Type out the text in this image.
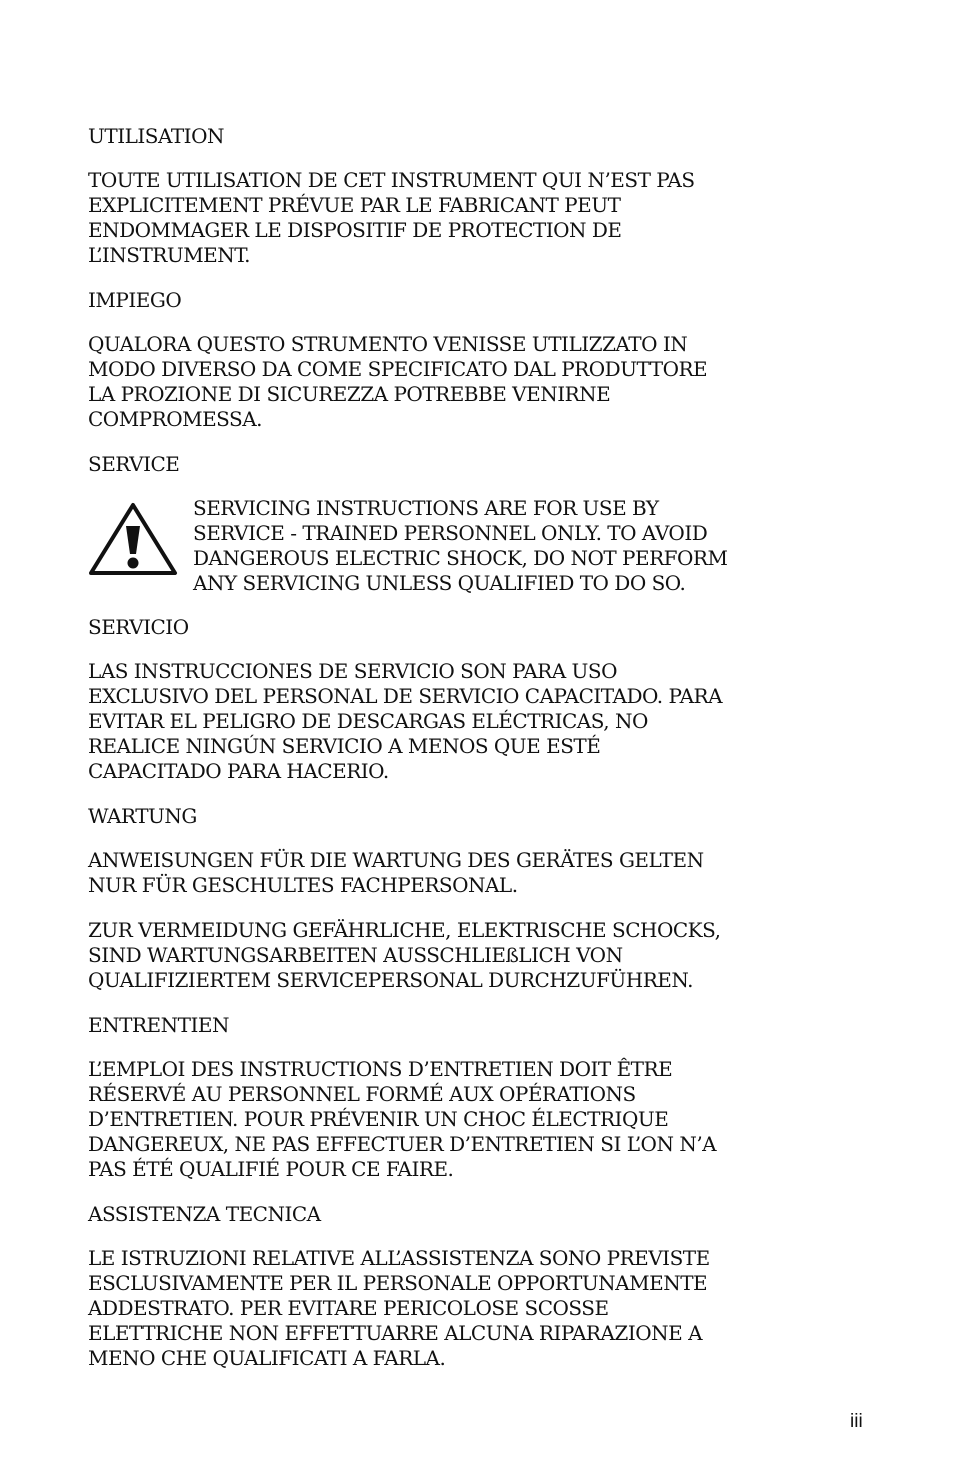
UTILISATION

TOUTE UTILISATION DE CET INSTRUMENT QUI N’EST PAS
EXPLICITEMENT PRÉVUE PAR LE FABRICANT PEUT
ENDOMMAGER LE DISPOSITIF DE PROTECTION DE
L’INSTRUMENT.

IMPIEGO

QUALORA QUESTO STRUMENTO VENISSE UTILIZZATO IN
MODO DIVERSO DA COME SPECIFICATO DAL PRODUTTORE
LA PROZIONE DI SICUREZZA POTREBBE VENIRNE
COMPROMESSA.

SERVICE

SERVICING INSTRUCTIONS ARE FOR USE BY
SERVICE - TRAINED PERSONNEL ONLY. TO AVOID
DANGEROUS ELECTRIC SHOCK, DO NOT PERFORM
ANY SERVICING UNLESS QUALIFIED TO DO SO.

SERVICIO

LAS INSTRUCCIONES DE SERVICIO SON PARA USO
EXCLUSIVO DEL PERSONAL DE SERVICIO CAPACITADO. PARA
EVITAR EL PELIGRO DE DESCARGAS ELÉCTRICAS, NO
REALICE NINGÚN SERVICIO A MENOS QUE ESTÉ
CAPACITADO PARA HACERIO.

WARTUNG

ANWEISUNGEN FÜR DIE WARTUNG DES GERÄTES GELTEN
NUR FÜR GESCHULTES FACHPERSONAL.

ZUR VERMEIDUNG GEFÄHRLICHE, ELEKTRISCHE SCHOCKS,
SIND WARTUNGSARBEITEN AUSSCHLIEßLICH VON
QUALIFIZIERTEM SERVICEPERSONAL DURCHZUFÜHREN.

ENTRENTIEN

L’EMPLOI DES INSTRUCTIONS D’ENTRETIEN DOIT ÊTRE
RÉSERVÉ AU PERSONNEL FORMÉ AUX OPÉRATIONS
D’ENTRETIEN. POUR PRÉVENIR UN CHOC ÉLECTRIQUE
DANGEREUX, NE PAS EFFECTUER D’ENTRETIEN SI L’ON N’A
PAS ÉTÉ QUALIFIÉ POUR CE FAIRE.

ASSISTENZA TECNICA

LE ISTRUZIONI RELATIVE ALL’ASSISTENZA SONO PREVISTE
ESCLUSIVAMENTE PER IL PERSONALE OPPORTUNAMENTE
ADDESTRATO. PER EVITARE PERICOLOSE SCOSSE
ELETTRICHE NON EFFETTUARRE ALCUNA RIPARAZIONE A
MENO CHE QUALIFICATI A FARLA.

iii
